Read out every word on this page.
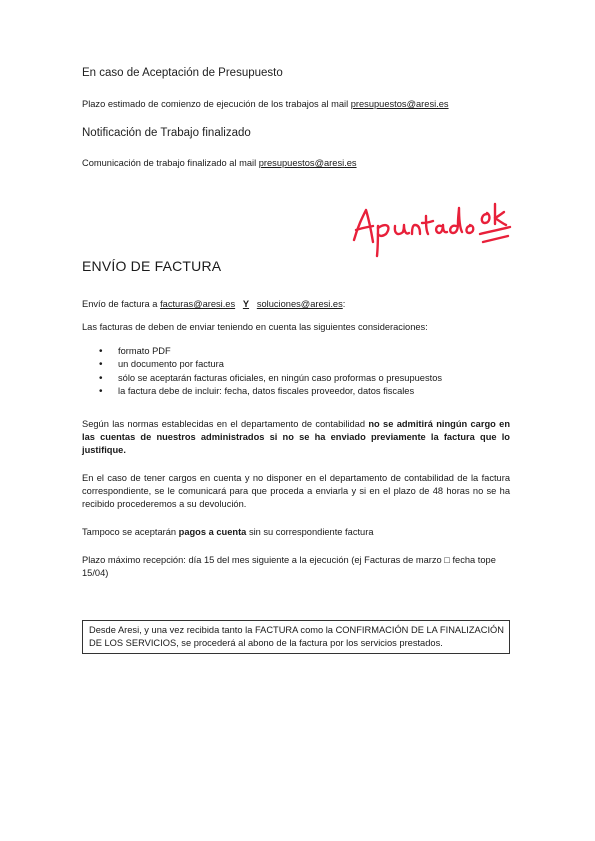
En caso de Aceptación de Presupuesto
Plazo estimado de comienzo de ejecución de los trabajos al mail presupuestos@aresi.es
Notificación de Trabajo finalizado
Comunicación de trabajo finalizado al mail presupuestos@aresi.es
ENVÍO DE FACTURA
Envío de factura a facturas@aresi.es Y soluciones@aresi.es:
Las facturas de deben de enviar teniendo en cuenta las siguientes consideraciones:
• formato PDF
• un documento por factura
• sólo se aceptarán facturas oficiales, en ningún caso proformas o presupuestos
• la factura debe de incluir: fecha, datos fiscales proveedor, datos fiscales
Según las normas establecidas en el departamento de contabilidad no se admitirá ningún cargo en las cuentas de nuestros administrados si no se ha enviado previamente la factura que lo justifique.
En el caso de tener cargos en cuenta y no disponer en el departamento de contabilidad de la factura correspondiente, se le comunicará para que proceda a enviarla y si en el plazo de 48 horas no se ha recibido procederemos a su devolución.
Tampoco se aceptarán pagos a cuenta sin su correspondiente factura
Plazo máximo recepción: día 15 del mes siguiente a la ejecución (ej Facturas de marzo □ fecha tope 15/04)
Desde Aresi, y una vez recibida tanto la FACTURA como la CONFIRMACIÓN DE LA FINALIZACIÓN DE LOS SERVICIOS, se procederá al abono de la factura por los servicios prestados.
